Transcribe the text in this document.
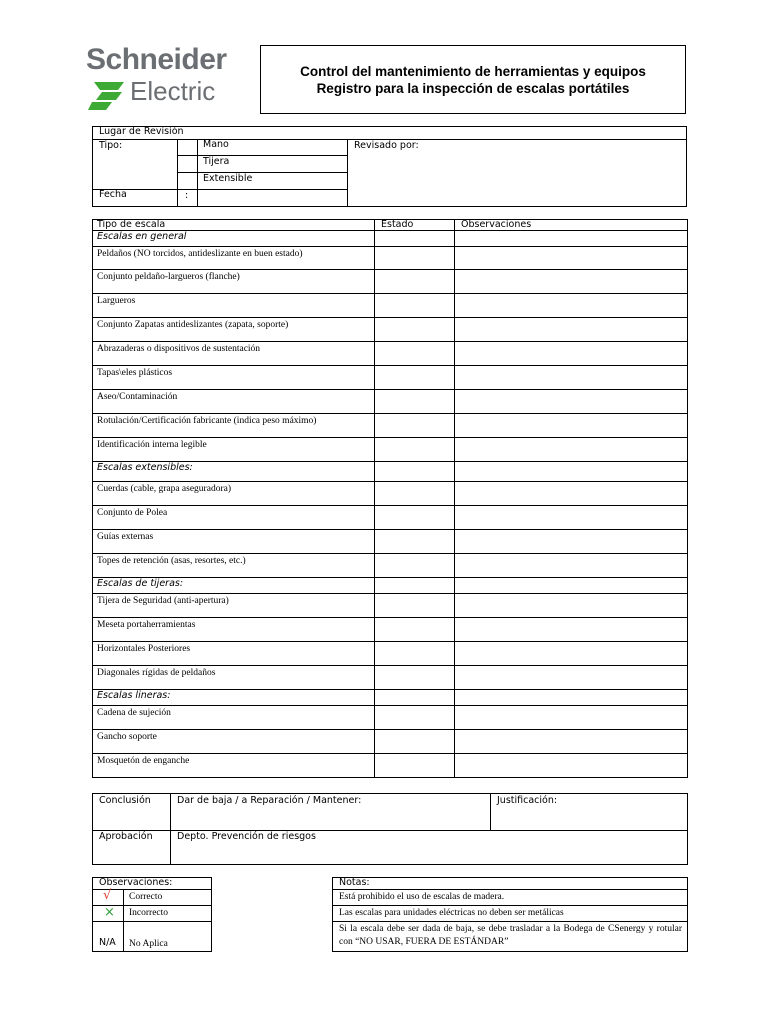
Schneider
Electric
Control del mantenimiento de herramientas y equipos
Registro para la inspección de escalas portátiles
Lugar de Revisión
Tipo:	Mano
Tijera
Extensible
Revisado por:
Fecha	:
Tipo de escala	Estado	Observaciones
Escalas en general		
Peldaños (NO torcidos, antideslizante en buen estado)		
Conjunto peldaño-largueros (flanche)		
Largueros		
Conjunto Zapatas antideslizantes (zapata, soporte)		
Abrazaderas o dispositivos de sustentación		
Tapas\eles plásticos		
Aseo/Contaminación		
Rotulación/Certificación fabricante (indica peso máximo)		
Identificación interna legible		
Escalas extensibles:		
Cuerdas (cable, grapa aseguradora)		
Conjunto de Polea		
Guías externas		
Topes de retención (asas, resortes, etc.)		
Escalas de tijeras:		
Tijera de Seguridad (anti-apertura)		
Meseta portaherramientas		
Horizontales Posteriores		
Diagonales rígidas de peldaños		
Escalas lineras:		
Cadena de sujeción		
Gancho soporte		
Mosquetón de enganche		
Conclusión	Dar de baja / a Reparación / Mantener:	Justificación:
Aprobación	Depto. Prevención de riesgos
Observaciones:
√ Correcto
× Incorrecto
N/A No Aplica
Notas:
Está prohibido el uso de escalas de madera.
Las escalas para unidades eléctricas no deben ser metálicas
Si la escala debe ser dada de baja, se debe trasladar a la Bodega de CSenergy y rotular con “NO USAR, FUERA DE ESTÁNDAR”
